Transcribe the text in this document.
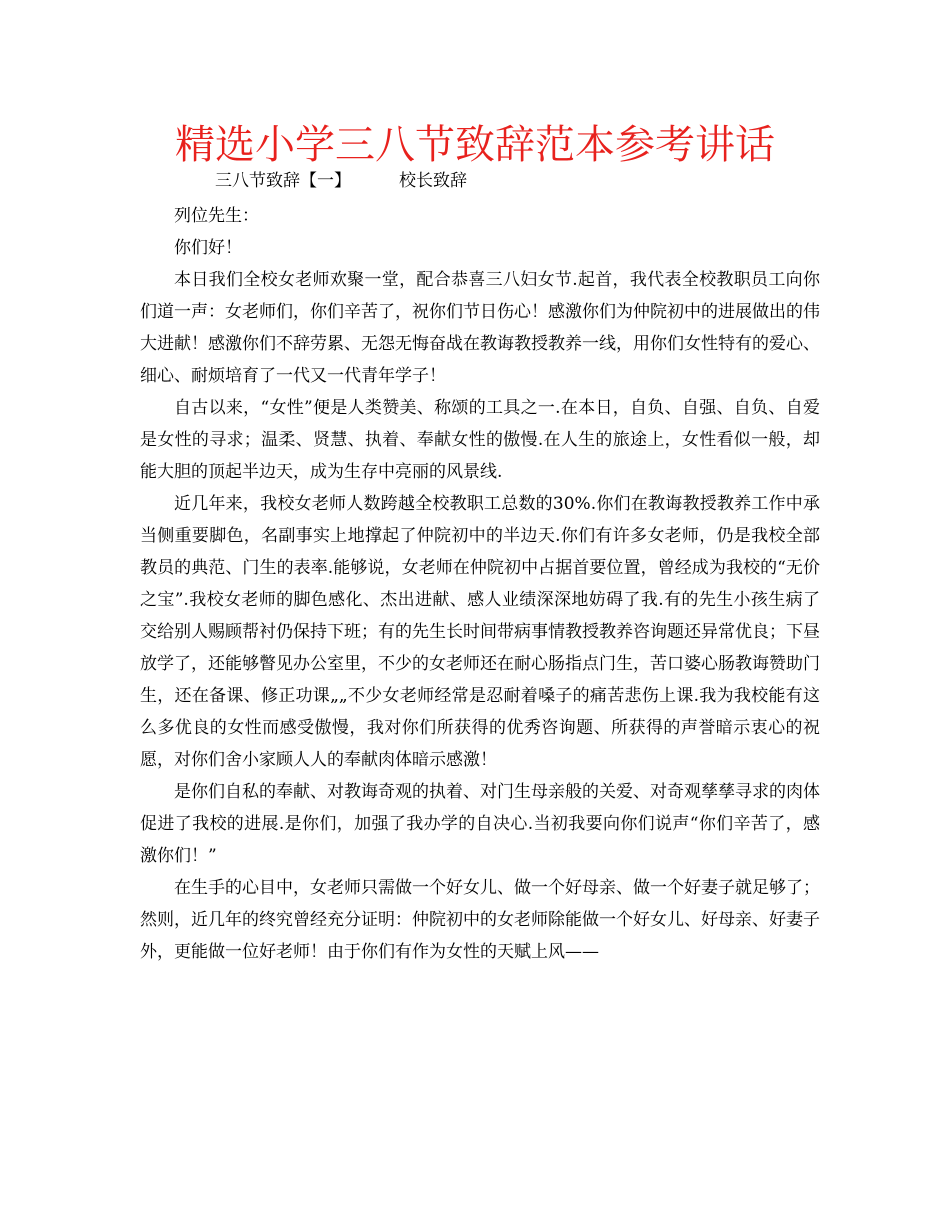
精选小学三八节致辞范本参考讲话
三八节致辞【一】	校长致辞

列位先生：

你们好！

本日我们全校女老师欢聚一堂，配合恭喜三八妇女节.起首，我代表全校教职员工向你们道一声：女老师们，你们辛苦了，祝你们节日伤心！感激你们为仲院初中的进展做出的伟大进献！感激你们不辞劳累、无怨无悔奋战在教诲教授教养一线，用你们女性特有的爱心、细心、耐烦培育了一代又一代青年学子！

自古以来，“女性”便是人类赞美、称颂的工具之一.在本日，自负、自强、自负、自爱是女性的寻求；温柔、贤慧、执着、奉献女性的傲慢.在人生的旅途上，女性看似一般，却能大胆的顶起半边天，成为生存中亮丽的风景线.

近几年来，我校女老师人数跨越全校教职工总数的30%.你们在教诲教授教养工作中承当侧重要脚色，名副事实上地撑起了仲院初中的半边天.你们有许多女老师，仍是我校全部教员的典范、门生的表率.能够说，女老师在仲院初中占据首要位置，曾经成为我校的“无价之宝”.我校女老师的脚色感化、杰出进献、感人业绩深深地妨碍了我.有的先生小孩生病了交给别人赐顾帮衬仍保持下班；有的先生长时间带病事情教授教养咨询题还异常优良；下昼放学了，还能够瞥见办公室里，不少的女老师还在耐心肠指点门生，苦口婆心肠教诲赞助门生，还在备课、修正功课„„不少女老师经常是忍耐着嗓子的痛苦悲伤上课.我为我校能有这么多优良的女性而感受傲慢，我对你们所获得的优秀咨询题、所获得的声誉暗示衷心的祝愿，对你们舍小家顾人人的奉献肉体暗示感激！

是你们自私的奉献、对教诲奇观的执着、对门生母亲般的关爱、对奇观孳孳寻求的肉体促进了我校的进展.是你们，加强了我办学的自决心.当初我要向你们说声“你们辛苦了，感激你们！”

在生手的心目中，女老师只需做一个好女儿、做一个好母亲、做一个好妻子就足够了；然则，近几年的终究曾经充分证明：仲院初中的女老师除能做一个好女儿、好母亲、好妻子外，更能做一位好老师！由于你们有作为女性的天赋上风——
